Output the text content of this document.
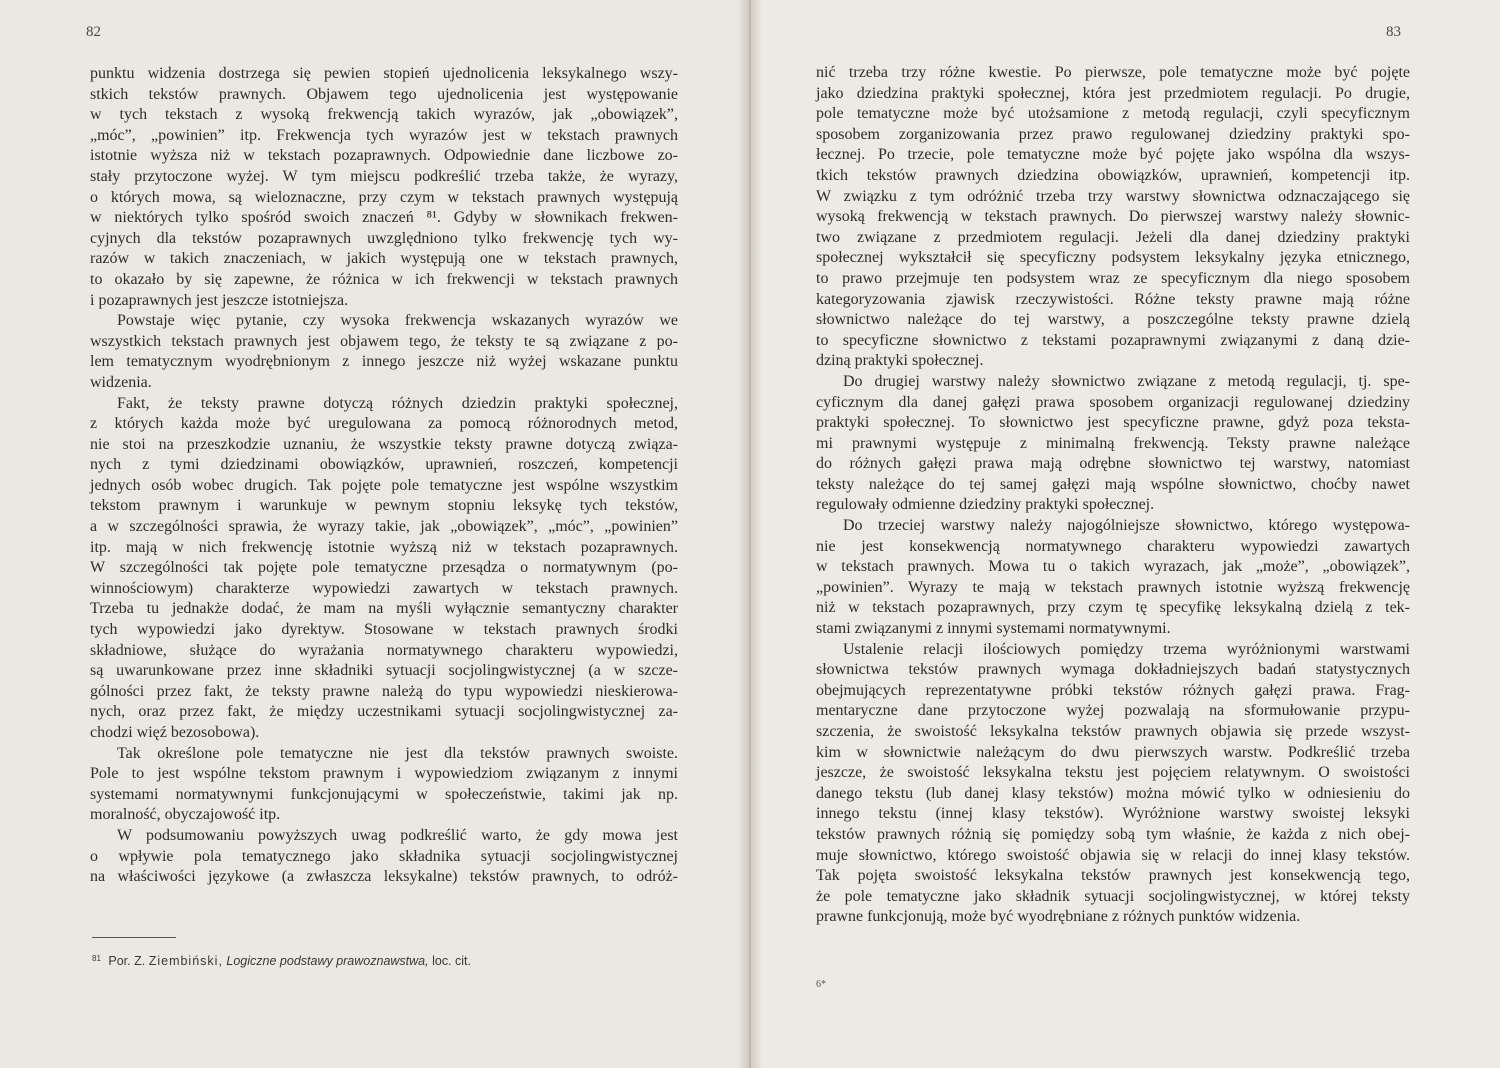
82
punktu widzenia dostrzega się pewien stopień ujednolicenia leksykalnego wszy-
stkich tekstów prawnych. Objawem tego ujednolicenia jest występowanie
w tych tekstach z wysoką frekwencją takich wyrazów, jak „obowiązek”,
„móc”, „powinien” itp. Frekwencja tych wyrazów jest w tekstach prawnych
istotnie wyższa niż w tekstach pozaprawnych. Odpowiednie dane liczbowe zo-
stały przytoczone wyżej. W tym miejscu podkreślić trzeba także, że wyrazy,
o których mowa, są wieloznaczne, przy czym w tekstach prawnych występują
w niektórych tylko spośród swoich znaczeń ⁸¹. Gdyby w słownikach frekwen-
cyjnych dla tekstów pozaprawnych uwzględniono tylko frekwencję tych wy-
razów w takich znaczeniach, w jakich występują one w tekstach prawnych,
to okazało by się zapewne, że różnica w ich frekwencji w tekstach prawnych
i pozaprawnych jest jeszcze istotniejsza.
Powstaje więc pytanie, czy wysoka frekwencja wskazanych wyrazów we
wszystkich tekstach prawnych jest objawem tego, że teksty te są związane z po-
lem tematycznym wyodrębnionym z innego jeszcze niż wyżej wskazane punktu
widzenia.
Fakt, że teksty prawne dotyczą różnych dziedzin praktyki społecznej,
z których każda może być uregulowana za pomocą różnorodnych metod,
nie stoi na przeszkodzie uznaniu, że wszystkie teksty prawne dotyczą związa-
nych z tymi dziedzinami obowiązków, uprawnień, roszczeń, kompetencji
jednych osób wobec drugich. Tak pojęte pole tematyczne jest wspólne wszystkim
tekstom prawnym i warunkuje w pewnym stopniu leksykę tych tekstów,
a w szczególności sprawia, że wyrazy takie, jak „obowiązek”, „móc”, „powinien”
itp. mają w nich frekwencję istotnie wyższą niż w tekstach pozaprawnych.
W szczególności tak pojęte pole tematyczne przesądza o normatywnym (po-
winnościowym) charakterze wypowiedzi zawartych w tekstach prawnych.
Trzeba tu jednakże dodać, że mam na myśli wyłącznie semantyczny charakter
tych wypowiedzi jako dyrektyw. Stosowane w tekstach prawnych środki
składniowe, służące do wyrażania normatywnego charakteru wypowiedzi,
są uwarunkowane przez inne składniki sytuacji socjolingwistycznej (a w szcze-
gólności przez fakt, że teksty prawne należą do typu wypowiedzi nieskierowa-
nych, oraz przez fakt, że między uczestnikami sytuacji socjolingwistycznej za-
chodzi więź bezosobowa).
Tak określone pole tematyczne nie jest dla tekstów prawnych swoiste.
Pole to jest wspólne tekstom prawnym i wypowiedziom związanym z innymi
systemami normatywnymi funkcjonującymi w społeczeństwie, takimi jak np.
moralność, obyczajowość itp.
W podsumowaniu powyższych uwag podkreślić warto, że gdy mowa jest
o wpływie pola tematycznego jako składnika sytuacji socjolingwistycznej
na właściwości językowe (a zwłaszcza leksykalne) tekstów prawnych, to odróż-
$^{81}$ Por. Z. Ziembiński, Logiczne podstawy prawoznawstwa, loc. cit.
83
nić trzeba trzy różne kwestie. Po pierwsze, pole tematyczne może być pojęte
jako dziedzina praktyki społecznej, która jest przedmiotem regulacji. Po drugie,
pole tematyczne może być utożsamione z metodą regulacji, czyli specyficznym
sposobem zorganizowania przez prawo regulowanej dziedziny praktyki spo-
łecznej. Po trzecie, pole tematyczne może być pojęte jako wspólna dla wszys-
tkich tekstów prawnych dziedzina obowiązków, uprawnień, kompetencji itp.
W związku z tym odróżnić trzeba trzy warstwy słownictwa odznaczającego się
wysoką frekwencją w tekstach prawnych. Do pierwszej warstwy należy słownic-
two związane z przedmiotem regulacji. Jeżeli dla danej dziedziny praktyki
społecznej wykształcił się specyficzny podsystem leksykalny języka etnicznego,
to prawo przejmuje ten podsystem wraz ze specyficznym dla niego sposobem
kategoryzowania zjawisk rzeczywistości. Różne teksty prawne mają różne
słownictwo należące do tej warstwy, a poszczególne teksty prawne dzielą
to specyficzne słownictwo z tekstami pozaprawnymi związanymi z daną dzie-
dziną praktyki społecznej.
Do drugiej warstwy należy słownictwo związane z metodą regulacji, tj. spe-
cyficznym dla danej gałęzi prawa sposobem organizacji regulowanej dziedziny
praktyki społecznej. To słownictwo jest specyficzne prawne, gdyż poza teksta-
mi prawnymi występuje z minimalną frekwencją. Teksty prawne należące
do różnych gałęzi prawa mają odrębne słownictwo tej warstwy, natomiast
teksty należące do tej samej gałęzi mają wspólne słownictwo, choćby nawet
regulowały odmienne dziedziny praktyki społecznej.
Do trzeciej warstwy należy najogólniejsze słownictwo, którego występowa-
nie jest konsekwencją normatywnego charakteru wypowiedzi zawartych
w tekstach prawnych. Mowa tu o takich wyrazach, jak „może”, „obowiązek”,
„powinien”. Wyrazy te mają w tekstach prawnych istotnie wyższą frekwencję
niż w tekstach pozaprawnych, przy czym tę specyfikę leksykalną dzielą z tek-
stami związanymi z innymi systemami normatywnymi.
Ustalenie relacji ilościowych pomiędzy trzema wyróżnionymi warstwami
słownictwa tekstów prawnych wymaga dokładniejszych badań statystycznych
obejmujących reprezentatywne próbki tekstów różnych gałęzi prawa. Frag-
mentaryczne dane przytoczone wyżej pozwalają na sformułowanie przypu-
szczenia, że swoistość leksykalna tekstów prawnych objawia się przede wszyst-
kim w słownictwie należącym do dwu pierwszych warstw. Podkreślić trzeba
jeszcze, że swoistość leksykalna tekstu jest pojęciem relatywnym. O swoistości
danego tekstu (lub danej klasy tekstów) można mówić tylko w odniesieniu do
innego tekstu (innej klasy tekstów). Wyróżnione warstwy swoistej leksyki
tekstów prawnych różnią się pomiędzy sobą tym właśnie, że każda z nich obej-
muje słownictwo, którego swoistość objawia się w relacji do innej klasy tekstów.
Tak pojęta swoistość leksykalna tekstów prawnych jest konsekwencją tego,
że pole tematyczne jako składnik sytuacji socjolingwistycznej, w której teksty
prawne funkcjonują, może być wyodrębniane z różnych punktów widzenia.
6*
